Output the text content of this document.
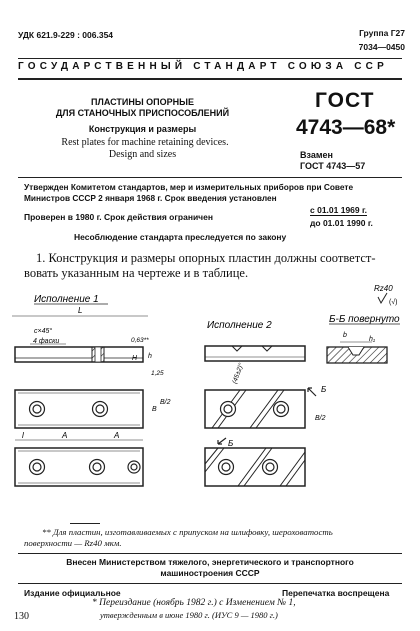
УДК 621.9-229 : 006.354	Группа Г27
7034—0450
ГОСУДАРСТВЕННЫЙ СТАНДАРТ СОЮЗА ССР
ПЛАСТИНЫ ОПОРНЫЕ
ДЛЯ СТАНОЧНЫХ ПРИСПОСОБЛЕНИЙ
Конструкция и размеры
Rest plates for machine retaining devices.
Design and sizes
ГОСТ
4743—68*
Взамен
ГОСТ 4743—57
Утвержден Комитетом стандартов, мер и измерительных приборов при Совете
Министров СССР 2 января 1968 г. Срок введения установлен
с 01.01 1969 г.
Проверен в 1980 г. Срок действия ограничен
до 01.01 1990 г.
Несоблюдение стандарта преследуется по закону
1. Конструкция и размеры опорных пластин должны соответст-
вовать указанным на чертеже и в таблице.
Исполнение 1
Исполнение 2
Б-Б повернуто
Rz40
(√)
L
c×45°
4 фаски	0,63**
H h
1,25
B
B/2
l	A	A
b
h₁
(45±2)°
Б
B/2
Б
** Для пластин, изготавливаемых с припуском на шлифовку, шероховатость
поверхности — Rz40 мкм.
Внесен Министерством тяжелого, энергетического и транспортного
машиностроения СССР
Издание официальное	Перепечатка воспрещена
* Переиздание (ноябрь 1982 г.) с Изменением № 1,
утвержденным в июне 1980 г. (ИУС 9 — 1980 г.)
130
